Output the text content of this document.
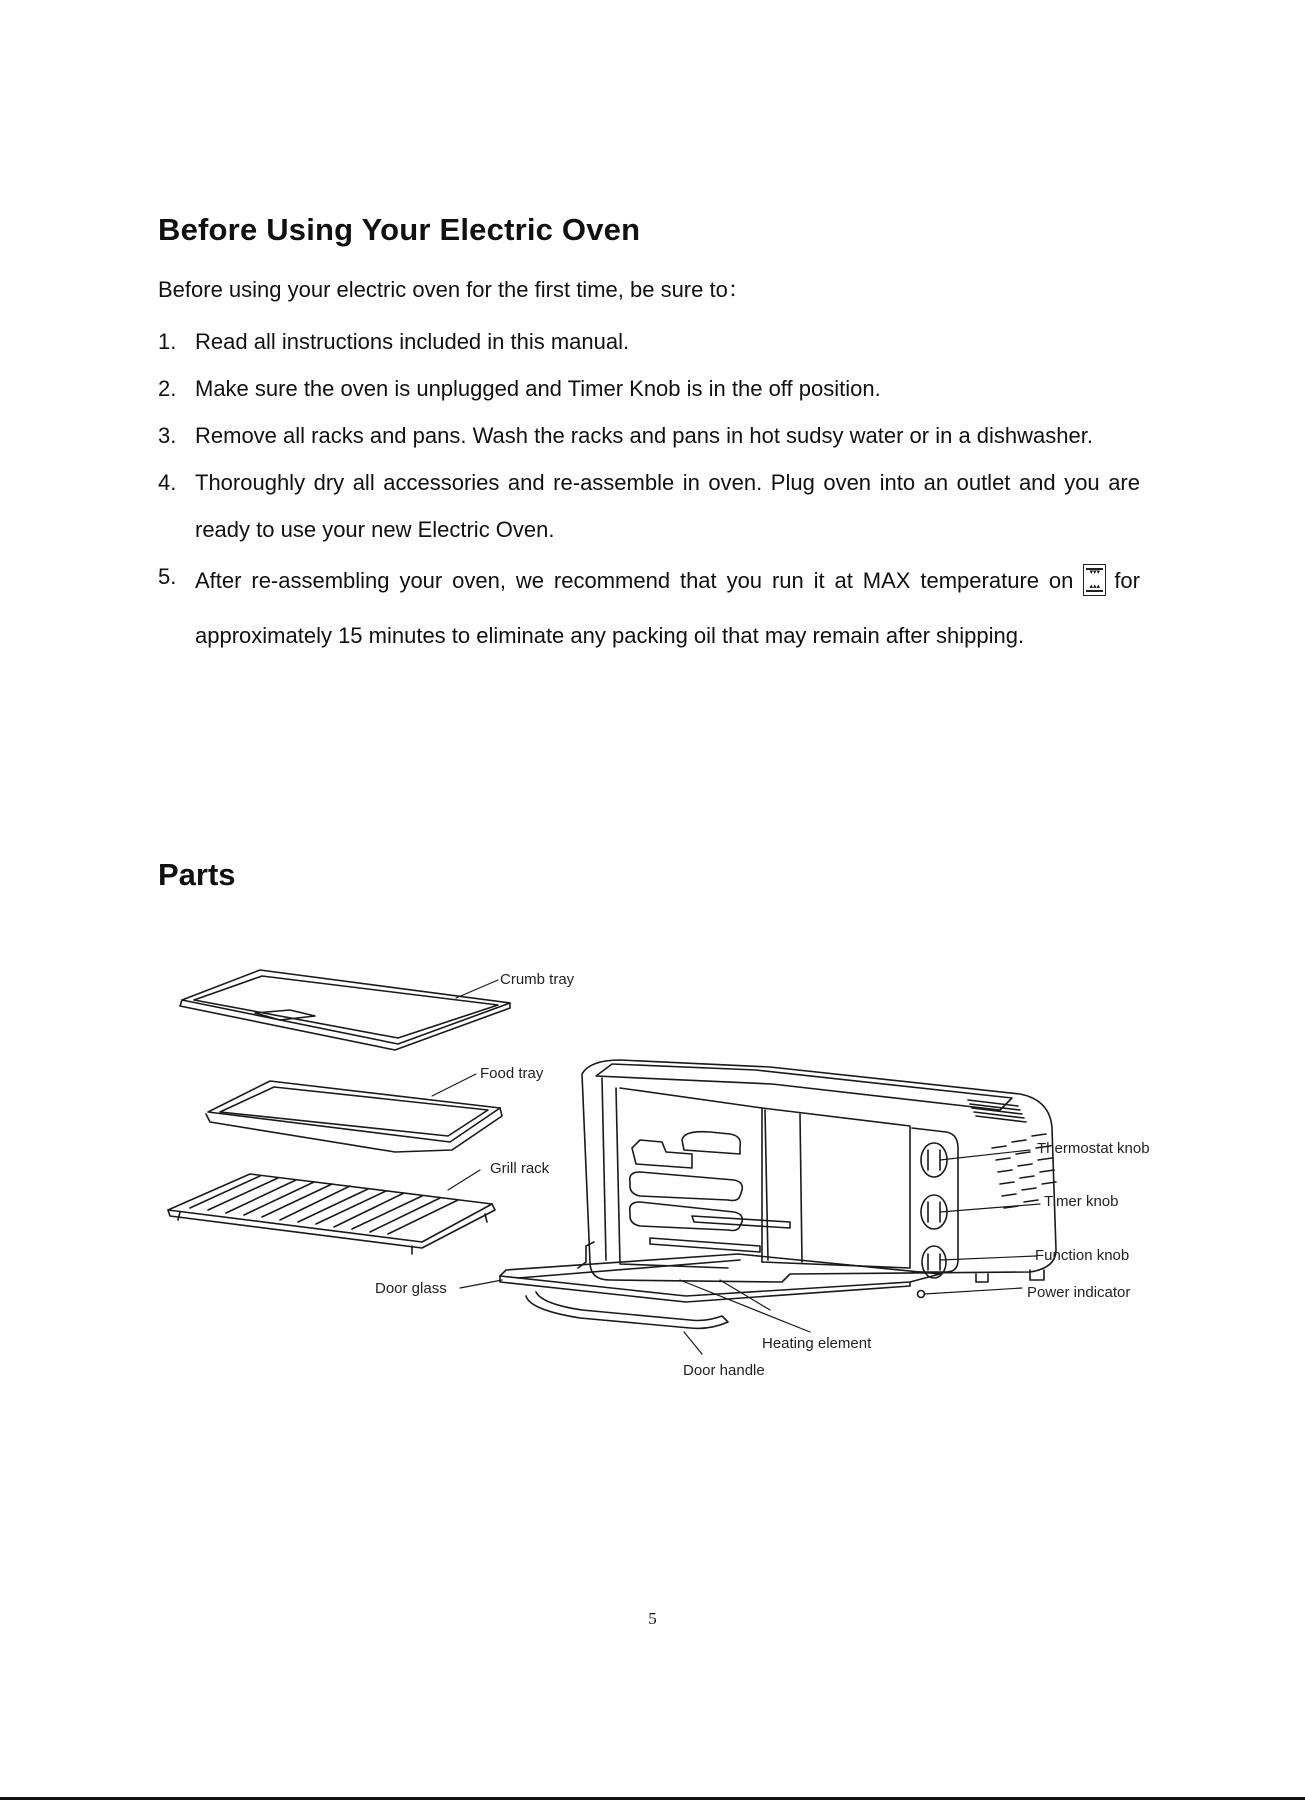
Before Using Your Electric Oven
Before using your electric oven for the first time, be sure to：
1. Read all instructions included in this manual.
2. Make sure the oven is unplugged and Timer Knob is in the off position.
3. Remove all racks and pans. Wash the racks and pans in hot sudsy water or in a dishwasher.
4. Thoroughly dry all accessories and re-assemble in oven. Plug oven into an outlet and you are ready to use your new Electric Oven.
5. After re-assembling your oven, we recommend that you run it at MAX temperature on	▾▾▾
▴▴▴ for approximately 15 minutes to eliminate any packing oil that may remain after shipping.
Parts
Crumb tray
Food tray
Grill rack
Door glass
Thermostat knob
Timer knob
Function knob
Power indicator
Heating element
Door handle
5
